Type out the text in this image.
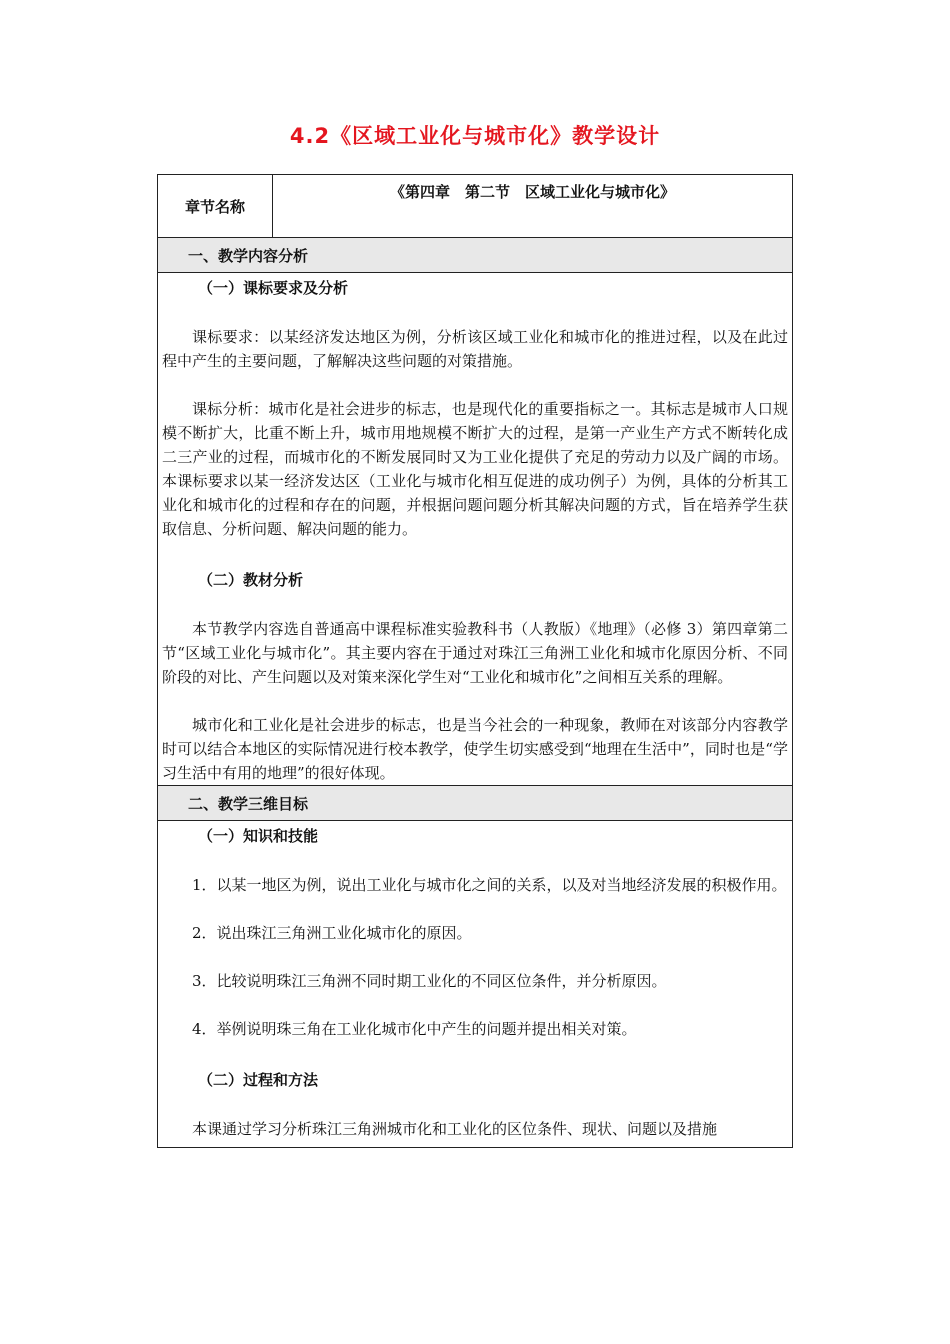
4.2《区域工业化与城市化》教学设计
章节名称	《第四章　第二节　区域工业化与城市化》
一、教学内容分析

（一）课标要求及分析

课标要求：以某经济发达地区为例，分析该区域工业化和城市化的推进过程，以及在此过程中产生的主要问题，了解解决这些问题的对策措施。

课标分析：城市化是社会进步的标志，也是现代化的重要指标之一。其标志是城市人口规模不断扩大，比重不断上升，城市用地规模不断扩大的过程，是第一产业生产方式不断转化成二三产业的过程，而城市化的不断发展同时又为工业化提供了充足的劳动力以及广阔的市场。本课标要求以某一经济发达区（工业化与城市化相互促进的成功例子）为例，具体的分析其工业化和城市化的过程和存在的问题，并根据问题问题分析其解决问题的方式，旨在培养学生获取信息、分析问题、解决问题的能力。

（二）教材分析

本节教学内容选自普通高中课程标准实验教科书（人教版）《地理》（必修 3）第四章第二节“区域工业化与城市化”。其主要内容在于通过对珠江三角洲工业化和城市化原因分析、不同阶段的对比、产生问题以及对策来深化学生对“工业化和城市化”之间相互关系的理解。

城市化和工业化是社会进步的标志，也是当今社会的一种现象，教师在对该部分内容教学时可以结合本地区的实际情况进行校本教学，使学生切实感受到“地理在生活中”，同时也是“学习生活中有用的地理”的很好体现。

二、教学三维目标

（一）知识和技能

1．以某一地区为例，说出工业化与城市化之间的关系，以及对当地经济发展的积极作用。

2．说出珠江三角洲工业化城市化的原因。

3．比较说明珠江三角洲不同时期工业化的不同区位条件，并分析原因。

4．举例说明珠三角在工业化城市化中产生的问题并提出相关对策。

（二）过程和方法

本课通过学习分析珠江三角洲城市化和工业化的区位条件、现状、问题以及措施
